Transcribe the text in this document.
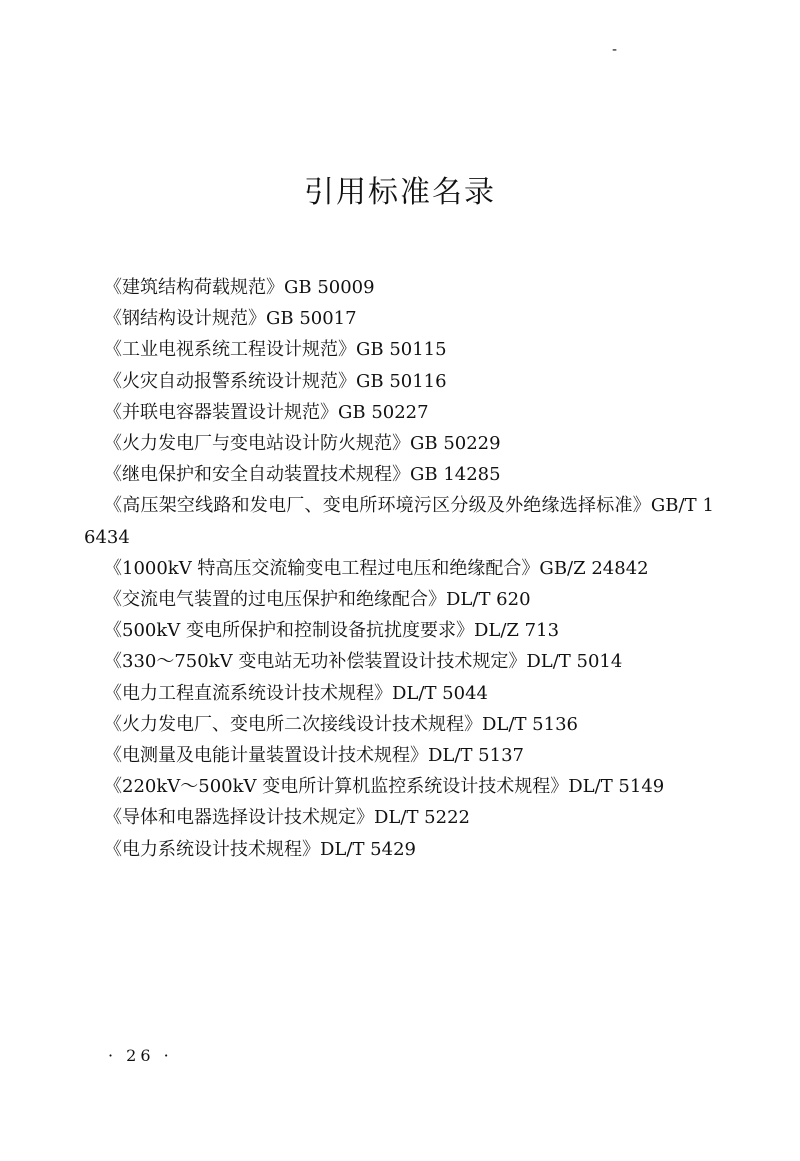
-
引用标准名录
《建筑结构荷载规范》GB 50009
《钢结构设计规范》GB 50017
《工业电视系统工程设计规范》GB 50115
《火灾自动报警系统设计规范》GB 50116
《并联电容器装置设计规范》GB 50227
《火力发电厂与变电站设计防火规范》GB 50229
《继电保护和安全自动装置技术规程》GB 14285
《高压架空线路和发电厂、变电所环境污区分级及外绝缘选择标准》GB/T 16434
《1000kV 特高压交流输变电工程过电压和绝缘配合》GB/Z 24842
《交流电气装置的过电压保护和绝缘配合》DL/T 620
《500kV 变电所保护和控制设备抗扰度要求》DL/Z 713
《330～750kV 变电站无功补偿装置设计技术规定》DL/T 5014
《电力工程直流系统设计技术规程》DL/T 5044
《火力发电厂、变电所二次接线设计技术规程》DL/T 5136
《电测量及电能计量装置设计技术规程》DL/T 5137
《220kV～500kV 变电所计算机监控系统设计技术规程》DL/T 5149
《导体和电器选择设计技术规定》DL/T 5222
《电力系统设计技术规程》DL/T 5429
· 26 ·
